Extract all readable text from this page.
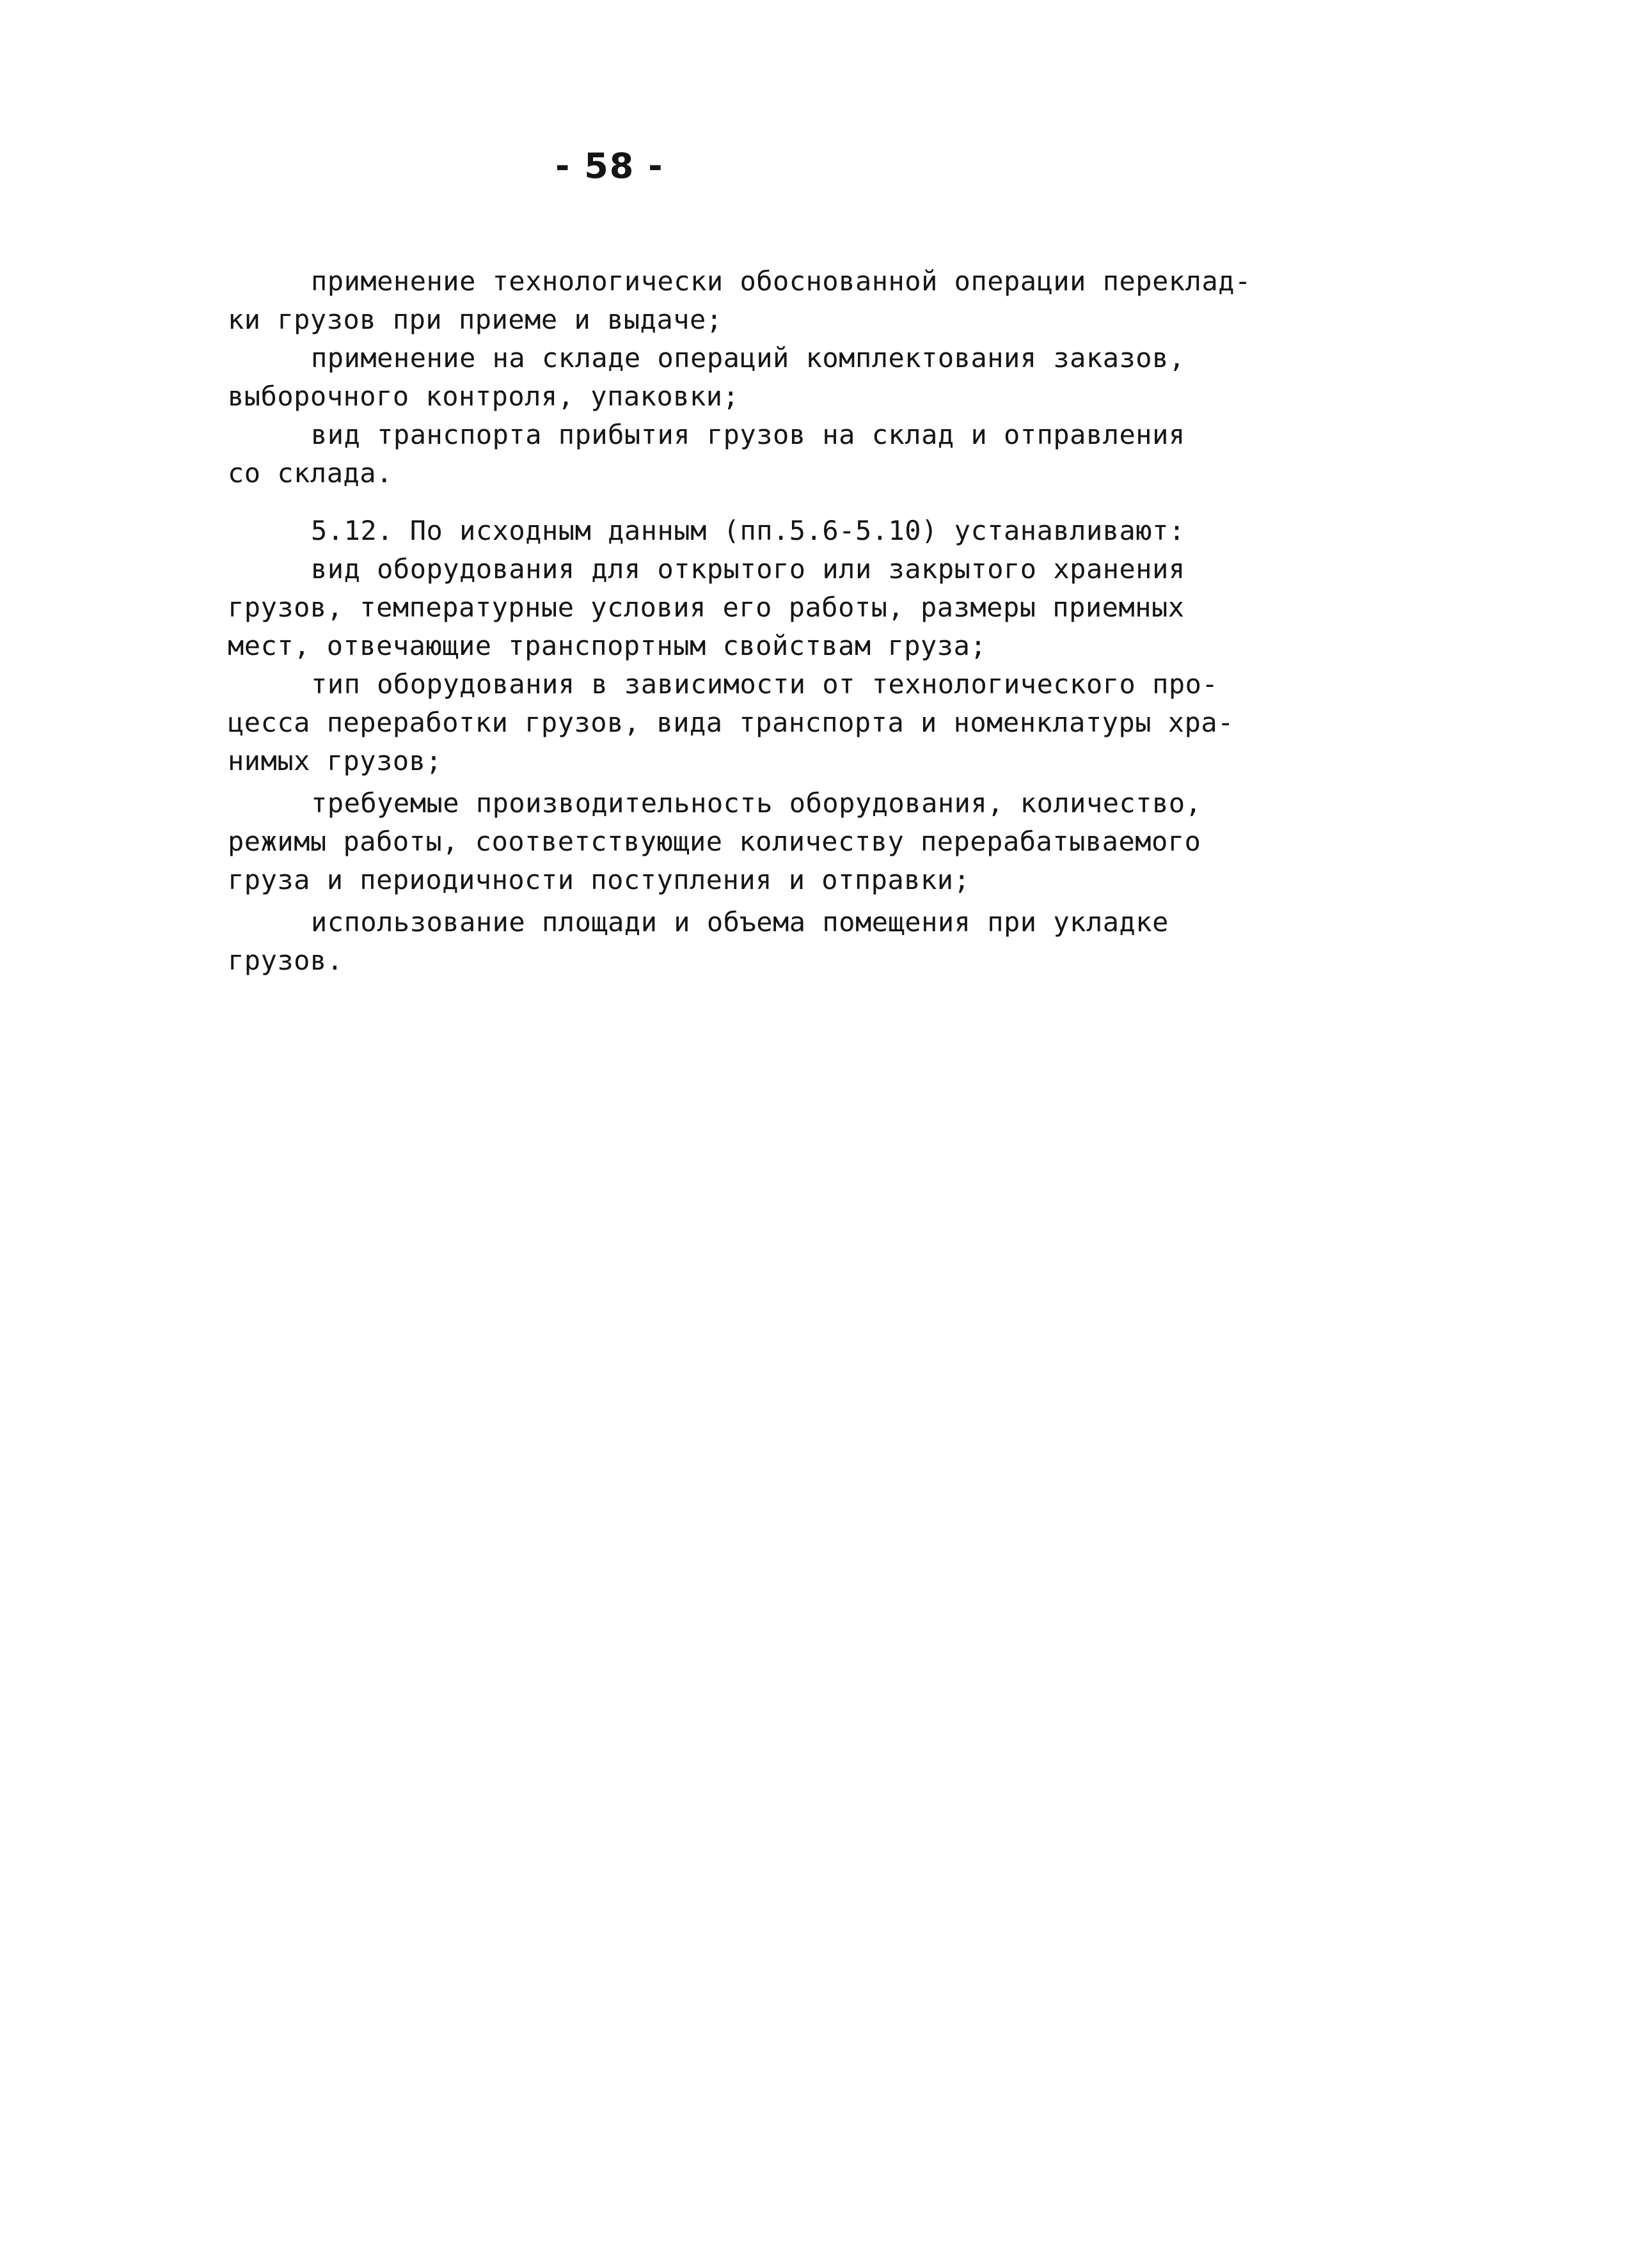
- 58 -
применение технологически обоснованной операции переклад-
ки грузов при приеме и выдаче;
применение на складе операций комплектования заказов,
выборочного контроля, упаковки;
вид транспорта прибытия грузов на склад и отправления
со склада.
5.12. По исходным данным (пп.5.6-5.10) устанавливают:
вид оборудования для открытого или закрытого хранения
грузов, температурные условия его работы, размеры приемных
мест, отвечающие транспортным свойствам груза;
тип оборудования в зависимости от технологического про-
цесса переработки грузов, вида транспорта и номенклатуры хра-
нимых грузов;
требуемые производительность оборудования, количество,
режимы работы, соответствующие количеству перерабатываемого
груза и периодичности поступления и отправки;
использование площади и объема помещения при укладке
грузов.
